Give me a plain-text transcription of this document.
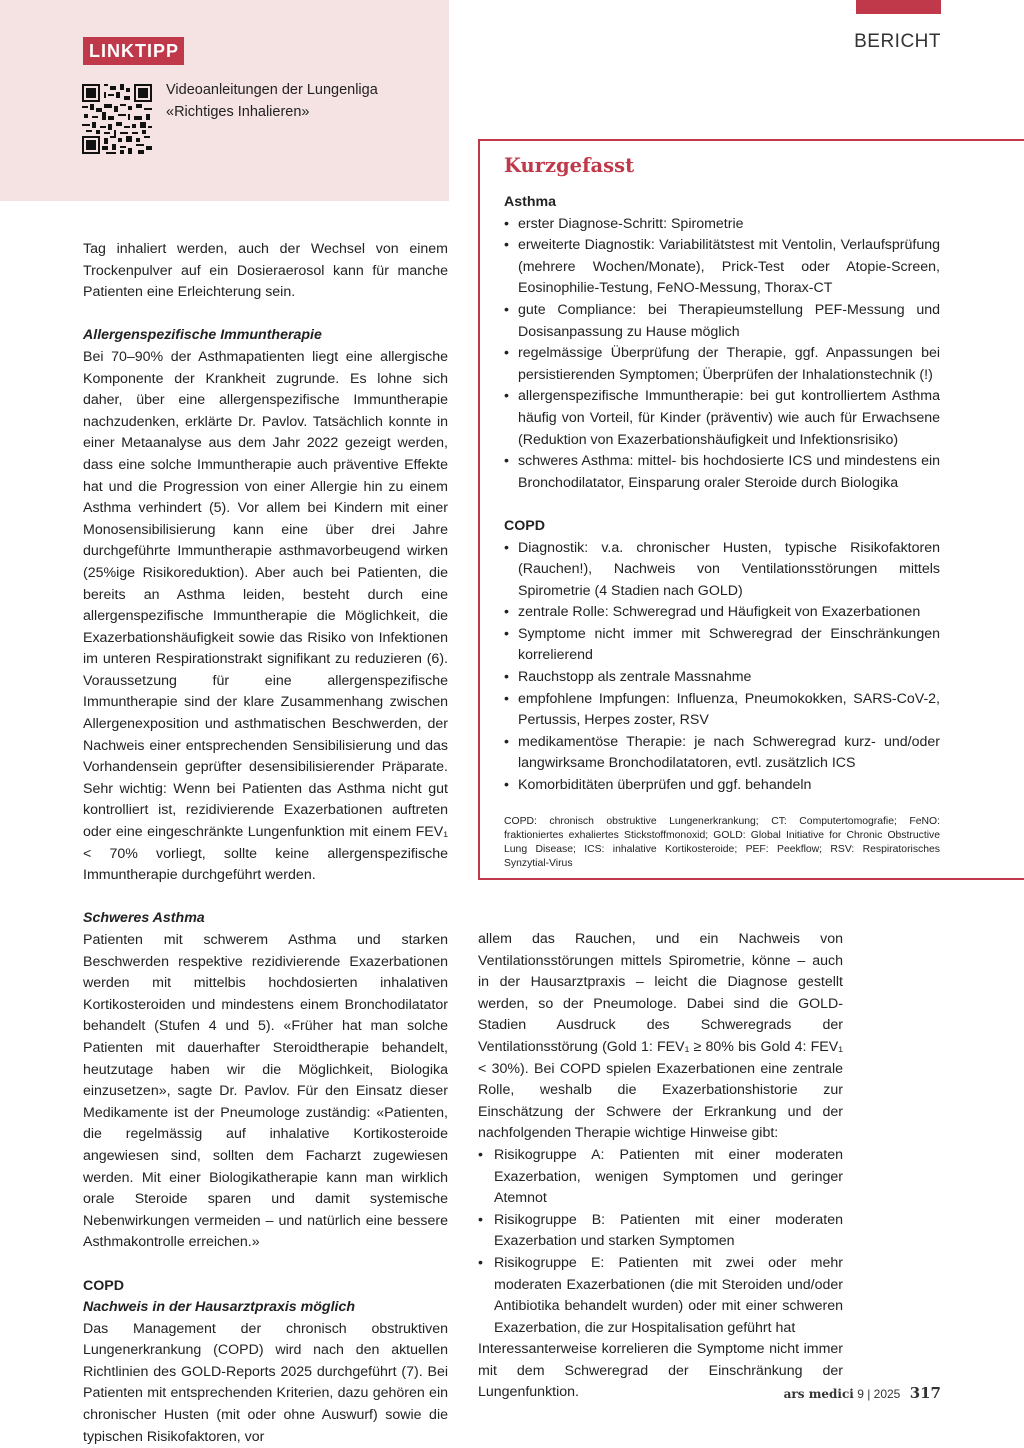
BERICHT
LINKTIPP
Videoanleitungen der Lungenliga
«Richtiges Inhalieren»

Tag inhaliert werden, auch der Wechsel von einem Trockenpulver auf ein Dosieraerosol kann für manche Patienten eine Erleichterung sein.

Allergenspezifische Immuntherapie

Bei 70–90% der Asthmapatienten liegt eine allergische Komponente der Krankheit zugrunde. Es lohne sich daher, über eine allergenspezifische Immuntherapie nachzudenken, erklärte Dr. Pavlov. Tatsächlich konnte in einer Metaanalyse aus dem Jahr 2022 gezeigt werden, dass eine solche Immuntherapie auch präventive Effekte hat und die Progression von einer Allergie hin zu einem Asthma verhindert (5). Vor allem bei Kindern mit einer Monosensibilisierung kann eine über drei Jahre durchgeführte Immuntherapie asthmavorbeugend wirken (25%ige Risikoreduktion). Aber auch bei Patienten, die bereits an Asthma leiden, besteht durch eine allergenspezifische Immuntherapie die Möglichkeit, die Exazerbationshäufigkeit sowie das Risiko von Infektionen im unteren Respirationstrakt signifikant zu reduzieren (6). Voraussetzung für eine allergenspezifische Immuntherapie sind der klare Zusammenhang zwischen Allergenexposition und asthmatischen Beschwerden, der Nachweis einer entsprechenden Sensibilisierung und das Vorhandensein geprüfter desensibilisierender Präparate. Sehr wichtig: Wenn bei Patienten das Asthma nicht gut kontrolliert ist, rezidivierende Exazerbationen auftreten oder eine eingeschränkte Lungenfunktion mit einem FEV₁ < 70% vorliegt, sollte keine allergenspezifische Immuntherapie durchgeführt werden.

Schweres Asthma

Patienten mit schwerem Asthma und starken Beschwerden respektive rezidivierende Exazerbationen werden mit mittelbis hochdosierten inhalativen Kortikosteroiden und mindestens einem Bronchodilatator behandelt (Stufen 4 und 5). «Früher hat man solche Patienten mit dauerhafter Steroidtherapie behandelt, heutzutage haben wir die Möglichkeit, Biologika einzusetzen», sagte Dr. Pavlov. Für den Einsatz dieser Medikamente ist der Pneumologe zuständig: «Patienten, die regelmässig auf inhalative Kortikosteroide angewiesen sind, sollten dem Facharzt zugewiesen werden. Mit einer Biologikatherapie kann man wirklich orale Steroide sparen und damit systemische Nebenwirkungen vermeiden – und natürlich eine bessere Asthmakontrolle erreichen.»

COPD

Nachweis in der Hausarztpraxis möglich

Das Management der chronisch obstruktiven Lungenerkrankung (COPD) wird nach den aktuellen Richtlinien des GOLD-Reports 2025 durchgeführt (7). Bei Patienten mit entsprechenden Kriterien, dazu gehören ein chronischer Husten (mit oder ohne Auswurf) sowie die typischen Risikofaktoren, vor

Kurzgefasst

Asthma

• erster Diagnose-Schritt: Spirometrie
• erweiterte Diagnostik: Variabilitätstest mit Ventolin, Verlaufsprüfung (mehrere Wochen/Monate), Prick-Test oder Atopie-Screen, Eosinophilie-Testung, FeNO-Messung, Thorax-CT
• gute Compliance: bei Therapieumstellung PEF-Messung und Dosisanpassung zu Hause möglich
• regelmässige Überprüfung der Therapie, ggf. Anpassungen bei persistierenden Symptomen; Überprüfen der Inhalationstechnik (!)
• allergenspezifische Immuntherapie: bei gut kontrolliertem Asthma häufig von Vorteil, für Kinder (präventiv) wie auch für Erwachsene (Reduktion von Exazerbationshäufigkeit und Infektionsrisiko)
• schweres Asthma: mittel- bis hochdosierte ICS und mindestens ein Bronchodilatator, Einsparung oraler Steroide durch Biologika

COPD

• Diagnostik: v.a. chronischer Husten, typische Risikofaktoren (Rauchen!), Nachweis von Ventilationsstörungen mittels Spirometrie (4 Stadien nach GOLD)
• zentrale Rolle: Schweregrad und Häufigkeit von Exazerbationen
• Symptome nicht immer mit Schweregrad der Einschränkungen korrelierend
• Rauchstopp als zentrale Massnahme
• empfohlene Impfungen: Influenza, Pneumokokken, SARS-CoV-2, Pertussis, Herpes zoster, RSV
• medikamentöse Therapie: je nach Schweregrad kurz- und/oder langwirksame Bronchodilatatoren, evtl. zusätzlich ICS
• Komorbiditäten überprüfen und ggf. behandeln

COPD: chronisch obstruktive Lungenerkrankung; CT: Computertomografie; FeNO: fraktioniertes exhaliertes Stickstoffmonoxid; GOLD: Global Initiative for Chronic Obstructive Lung Disease; ICS: inhalative Kortikosteroide; PEF: Peekflow; RSV: Respiratorisches Synzytial-Virus

allem das Rauchen, und ein Nachweis von Ventilationsstörungen mittels Spirometrie, könne – auch in der Hausarztpraxis – leicht die Diagnose gestellt werden, so der Pneumologe. Dabei sind die GOLD-Stadien Ausdruck des Schweregrads der Ventilationsstörung (Gold 1: FEV₁ ≥ 80% bis Gold 4: FEV₁ < 30%). Bei COPD spielen Exazerbationen eine zentrale Rolle, weshalb die Exazerbationshistorie zur Einschätzung der Schwere der Erkrankung und der nachfolgenden Therapie wichtige Hinweise gibt:

• Risikogruppe A: Patienten mit einer moderaten Exazerbation, wenigen Symptomen und geringer Atemnot
• Risikogruppe B: Patienten mit einer moderaten Exazerbation und starken Symptomen
• Risikogruppe E: Patienten mit zwei oder mehr moderaten Exazerbationen (die mit Steroiden und/oder Antibiotika behandelt wurden) oder mit einer schweren Exazerbation, die zur Hospitalisation geführt hat

Interessanterweise korrelieren die Symptome nicht immer mit dem Schweregrad der Einschränkung der Lungenfunktion.	ars medici 9 | 2025 317
